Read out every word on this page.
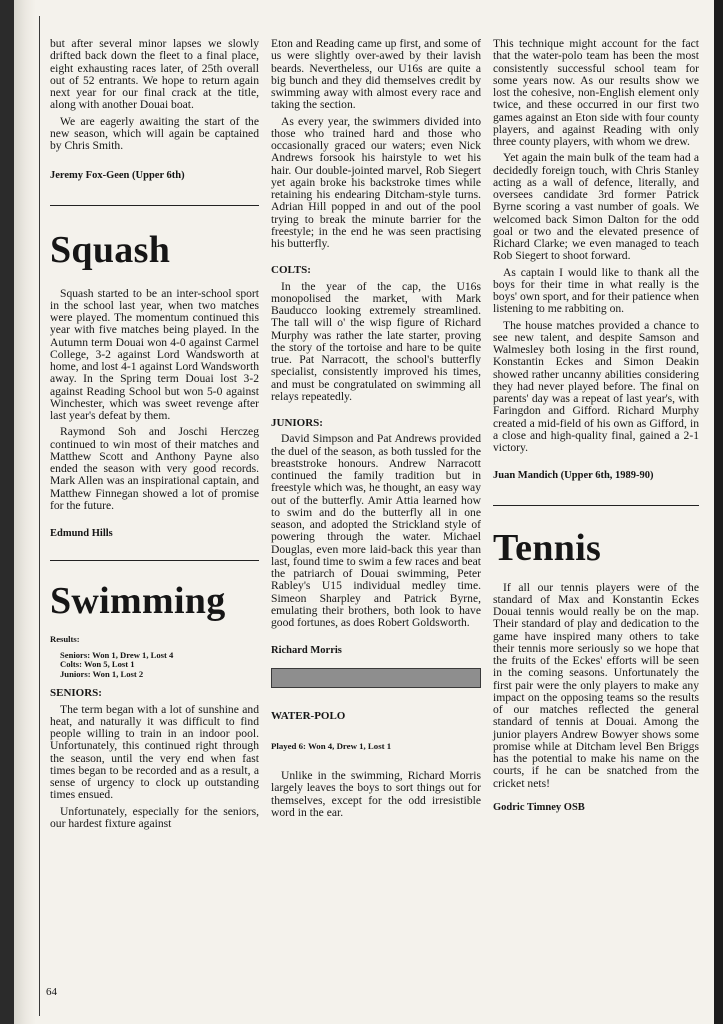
but after several minor lapses we slowly drifted back down the fleet to a final place, eight exhausting races later, of 25th overall out of 52 entrants. We hope to return again next year for our final crack at the title, along with another Douai boat.

We are eagerly awaiting the start of the new season, which will again be captained by Chris Smith.

Jeremy Fox-Geen (Upper 6th)
Squash

Squash started to be an inter-school sport in the school last year, when two matches were played. The momentum continued this year with five matches being played. In the Autumn term Douai won 4-0 against Carmel College, 3-2 against Lord Wandsworth at home, and lost 4-1 against Lord Wandsworth away. In the Spring term Douai lost 3-2 against Reading School but won 5-0 against Winchester, which was sweet revenge after last year's defeat by them.

Raymond Soh and Joschi Herczeg continued to win most of their matches and Matthew Scott and Anthony Payne also ended the season with very good records. Mark Allen was an inspirational captain, and Matthew Finnegan showed a lot of promise for the future.

Edmund Hills
Swimming
Results:
Seniors: Won 1, Drew 1, Lost 4
Colts: Won 5, Lost 1
Juniors: Won 1, Lost 2
SENIORS:

The term began with a lot of sunshine and heat, and naturally it was difficult to find people willing to train in an indoor pool. Unfortunately, this continued right through the season, until the very end when fast times began to be recorded and as a result, a sense of urgency to clock up outstanding times ensued.

Unfortunately, especially for the seniors, our hardest fixture against

Eton and Reading came up first, and some of us were slightly over-awed by their lavish beards. Nevertheless, our U16s are quite a big bunch and they did themselves credit by swimming away with almost every race and taking the section.

As every year, the swimmers divided into those who trained hard and those who occasionally graced our waters; even Nick Andrews forsook his hairstyle to wet his hair. Our double-jointed marvel, Rob Siegert yet again broke his backstroke times while retaining his endearing Ditcham-style turns. Adrian Hill popped in and out of the pool trying to break the minute barrier for the freestyle; in the end he was seen practising his butterfly.

COLTS:

In the year of the cap, the U16s monopolised the market, with Mark Bauducco looking extremely streamlined. The tall will o' the wisp figure of Richard Murphy was rather the late starter, proving the story of the tortoise and hare to be quite true. Pat Narracott, the school's butterfly specialist, consistently improved his times, and must be congratulated on swimming all relays repeatedly.

JUNIORS:

David Simpson and Pat Andrews provided the duel of the season, as both tussled for the breaststroke honours. Andrew Narracott continued the family tradition but in freestyle which was, he thought, an easy way out of the butterfly. Amir Attia learned how to swim and do the butterfly all in one season, and adopted the Strickland style of powering through the water. Michael Douglas, even more laid-back this year than last, found time to swim a few races and beat the patriarch of Douai swimming, Peter Rabley's U15 individual medley time. Simeon Sharpley and Patrick Byrne, emulating their brothers, both look to have good fortunes, as does Robert Goldsworth.

Richard Morris
WATER-POLO
Played 6: Won 4, Drew 1, Lost 1

Unlike in the swimming, Richard Morris largely leaves the boys to sort things out for themselves, except for the odd irresistible word in the ear.

This technique might account for the fact that the water-polo team has been the most consistently successful school team for some years now. As our results show we lost the cohesive, non-English element only twice, and these occurred in our first two games against an Eton side with four county players, and against Reading with only three county players, with whom we drew.

Yet again the main bulk of the team had a decidedly foreign touch, with Chris Stanley acting as a wall of defence, literally, and oversees candidate 3rd former Patrick Byrne scoring a vast number of goals. We welcomed back Simon Dalton for the odd goal or two and the elevated presence of Richard Clarke; we even managed to teach Rob Siegert to shoot forward.

As captain I would like to thank all the boys for their time in what really is the boys' own sport, and for their patience when listening to me rabbiting on.

The house matches provided a chance to see new talent, and despite Samson and Walmesley both losing in the first round, Konstantin Eckes and Simon Deakin showed rather uncanny abilities considering they had never played before. The final on parents' day was a repeat of last year's, with Faringdon and Gifford. Richard Murphy created a mid-field of his own as Gifford, in a close and high-quality final, gained a 2-1 victory.

Juan Mandich (Upper 6th, 1989-90)
Tennis

If all our tennis players were of the standard of Max and Konstantin Eckes Douai tennis would really be on the map. Their standard of play and dedication to the game have inspired many others to take their tennis more seriously so we hope that the fruits of the Eckes' efforts will be seen in the coming seasons. Unfortunately the first pair were the only players to make any impact on the opposing teams so the results of our matches reflected the general standard of tennis at Douai. Among the junior players Andrew Bowyer shows some promise while at Ditcham level Ben Briggs has the potential to make his name on the courts, if he can be snatched from the cricket nets!

Godric Timney OSB
64
